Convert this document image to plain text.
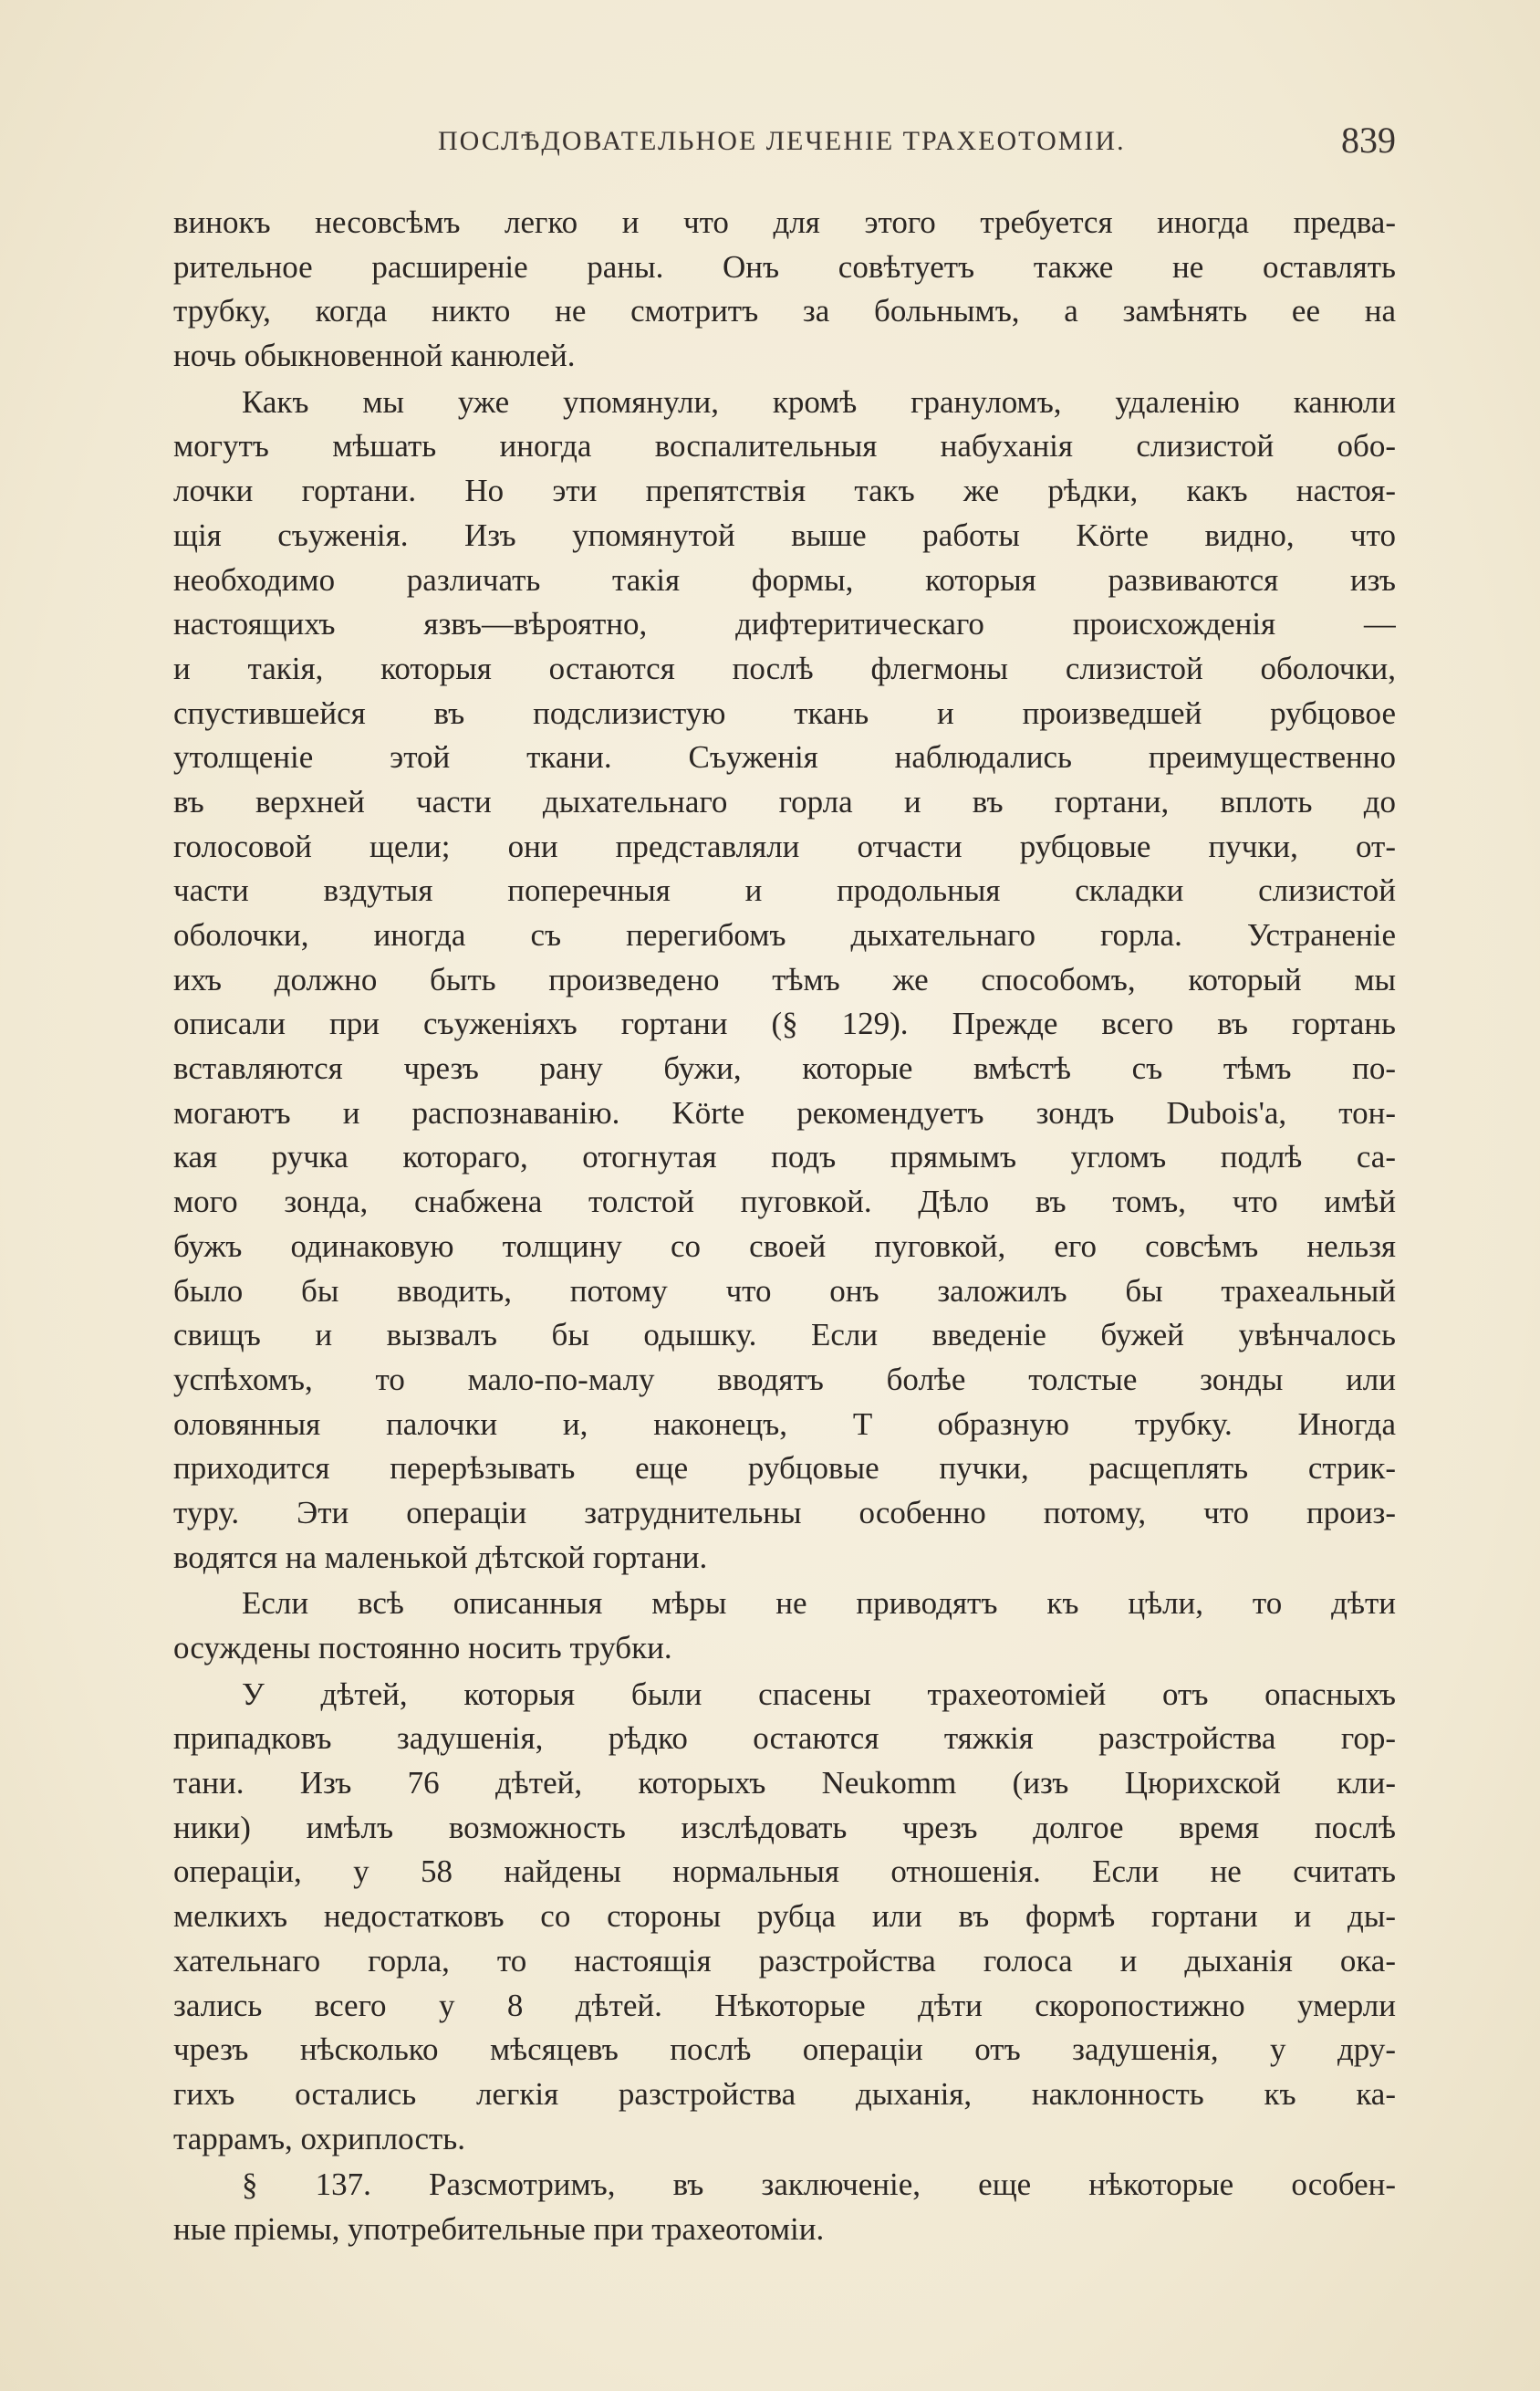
ПОСЛѢДОВАТЕЛЬНОЕ ЛЕЧЕНІЕ ТРАХЕОТОМІИ.	839
винокъ несовсѣмъ легко и что для этого требуется иногда предва-
рительное расширеніе раны. Онъ совѣтуетъ также не оставлять
трубку, когда никто не смотритъ за больнымъ, а замѣнять ее на
ночь обыкновенной канюлей.
Какъ мы уже упомянули, кромѣ грануломъ, удаленію канюли
могутъ мѣшать иногда воспалительныя набуханія слизистой обо-
лочки гортани. Но эти препятствія такъ же рѣдки, какъ настоя-
щія съуженія. Изъ упомянутой выше работы Körte видно, что
необходимо различать такія формы, которыя развиваются изъ
настоящихъ язвъ—вѣроятно, дифтеритическаго происхожденія —
и такія, которыя остаются послѣ флегмоны слизистой оболочки,
спустившейся въ подслизистую ткань и произведшей рубцовое
утолщеніе этой ткани. Съуженія наблюдались преимущественно
въ верхней части дыхательнаго горла и въ гортани, вплоть до
голосовой щели; они представляли отчасти рубцовые пучки, от-
части вздутыя поперечныя и продольныя складки слизистой
оболочки, иногда съ перегибомъ дыхательнаго горла. Устраненіе
ихъ должно быть произведено тѣмъ же способомъ, который мы
описали при съуженіяхъ гортани (§ 129). Прежде всего въ гортань
вставляются чрезъ рану бужи, которые вмѣстѣ съ тѣмъ по-
могаютъ и распознаванію. Körte рекомендуетъ зондъ Dubois'а, тон-
кая ручка котораго, отогнутая подъ прямымъ угломъ подлѣ са-
мого зонда, снабжена толстой пуговкой. Дѣло въ томъ, что имѣй
бужъ одинаковую толщину со своей пуговкой, его совсѣмъ нельзя
было бы вводить, потому что онъ заложилъ бы трахеальный
свищъ и вызвалъ бы одышку. Если введеніе бужей увѣнчалось
успѣхомъ, то мало-по-малу вводятъ болѣе толстые зонды или
оловянныя палочки и, наконецъ, T образную трубку. Иногда
приходится перерѣзывать еще рубцовые пучки, расщеплять стрик-
туру. Эти операціи затруднительны особенно потому, что произ-
водятся на маленькой дѣтской гортани.
Если всѣ описанныя мѣры не приводятъ къ цѣли, то дѣти
осуждены постоянно носить трубки.
У дѣтей, которыя были спасены трахеотоміей отъ опасныхъ
припадковъ задушенія, рѣдко остаются тяжкія разстройства гор-
тани. Изъ 76 дѣтей, которыхъ Neukomm (изъ Цюрихской кли-
ники) имѣлъ возможность изслѣдовать чрезъ долгое время послѣ
операціи, у 58 найдены нормальныя отношенія. Если не считать
мелкихъ недостатковъ со стороны рубца или въ формѣ гортани и ды-
хательнаго горла, то настоящія разстройства голоса и дыханія ока-
зались всего у 8 дѣтей. Нѣкоторые дѣти скоропостижно умерли
чрезъ нѣсколько мѣсяцевъ послѣ операціи отъ задушенія, у дру-
гихъ остались легкія разстройства дыханія, наклонность къ ка-
таррамъ, охриплость.
§ 137. Разсмотримъ, въ заключеніе, еще нѣкоторые особен-
ные пріемы, употребительные при трахеотоміи.
